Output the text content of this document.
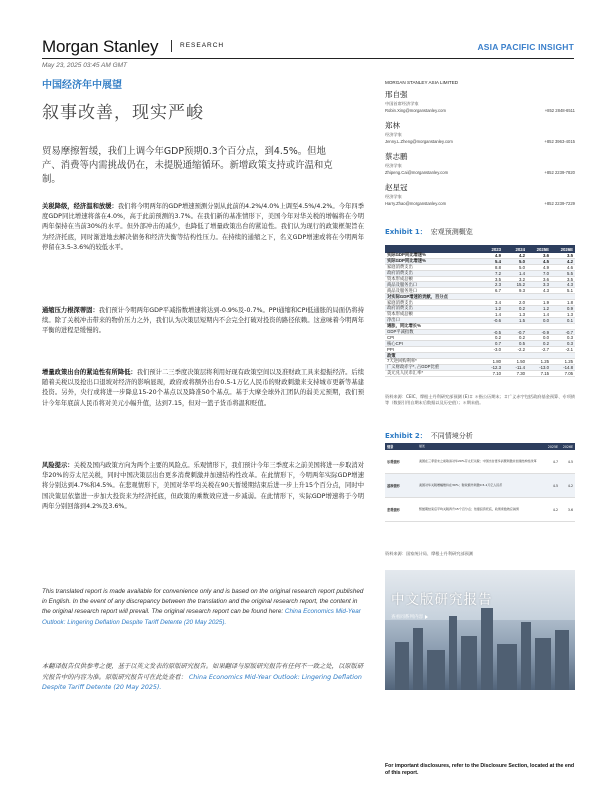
Morgan Stanley	RESEARCH	ASIA PACIFIC INSIGHT
May 23, 2025 03:45 AM GMT
中国经济年中展望
叙事改善，现实严峻
贸易摩擦暂缓，我们上调今年GDP预期0.3个百分点，到4.5%。但地产、消费等内需挑战仍在，未提脱通缩循环。新增政策支持或许温和克制。
关税降级，经济温和放缓：我们将今明两年的GDP增速预测分别从此前的4.2%/4.0%上调至4.5%/4.2%。今年四季度GDP同比增速将落在4.0%，高于此前预测的3.7%。在我们新的基准情形下，美国今年对华关税的增幅将在今明两年保持在当前30%的水平。但外部冲击的减少，也降低了增量政策出台的紧迫性。我们认为现行的政策框架旨在为经济托底，同时渐进地去解决债务和经济失衡等结构性压力。在持续的通缩之下，名义GDP增速或将在今明两年停留在3.5-3.6%的较低水平。
通缩压力根深蒂固：我们预计今明两年GDP平减指数增速将达到-0.9%及-0.7%。PPI通缩和CPI低通胀的局面仍将持续。除了关税冲击带来的物价压力之外，我们认为决策层短期内不会完全打破对投资的路径依赖。这意味着今明两年平衡的进程是缓慢的。
增量政策出台的紧迫性有所降低：我们预计二三季度决策层将利用好现有政策空间以及准财政工具来提振经济。后续随着关税以及抢出口退坡对经济的影响显现，政府或将额外出台0.5-1万亿人民币的财政刺激来支持城市更新等基建投资。另外，央行或将进一步降息15-20个基点以及降准50个基点。基于大摩全球外汇团队的弱美元预期，我们预计今年年底前人民币将对美元小幅升值，达到7.15，但对一篮子货币将温和贬值。
风险提示：关税及国内政策方向为两个主要的风险点。乐观情形下，我们预计今年三季度末之前美国将进一步取消对华20%的芬太尼关税，同时中国决策层出台更多消费刺激并加速结构性改革。在此情形下，今明两年实际GDP增速将分别达到4.7%和4.5%。在悲观情形下，美国对华平均关税在90天暂缓期结束后进一步上升15个百分点，同时中国决策层依靠进一步加大投资来为经济托底，但政策的乘数效应进一步减弱。在此情形下，实际GDP增速将于今明两年分别回落到4.2%及3.6%。
This translated report is made available for convenience only and is based on the original research report published in English. In the event of any discrepancy between the translation and the original research report, the content in the original research report will prevail. The original research report can be found here: China Economics Mid-Year Outlook: Lingering Deflation Despite Tariff Detente (20 May 2025).
本翻译报告仅供参考之便，基于以英文发表的原版研究报告。如果翻译与原版研究报告有任何不一致之处，以原版研究报告中的内容为准。原版研究报告可在此处查看： China Economics Mid-Year Outlook: Lingering Deflation Despite Tariff Detente (20 May 2025).
MORGAN STANLEY ASIA LIMITED
邢自强
中国首席经济学家
Robin.Xing@morganstanley.com	+852 2848-6511
郑林
经济学家
Jenny.L.Zheng@morganstanley.com	+852 3963-4015
蔡志鹏
经济学家
Zhipeng.Cai@morganstanley.com	+852 2239-7820
赵星冠
经济学家
Harry.Zhao@morganstanley.com	+852 2239-7229
Exhibit 1： 宏观预测概览
2023	2024	2025E	2026E
实际GDP同比增速%	4.9	4.2	3.6	3.5
实际GDP同比增速%	5.4	5.0	4.5	4.2
家庭消费支出	8.8	5.0	4.9	4.6
政府消费支出	7.2	1.4	7.0	5.5
资本形成总额	3.5	3.2	3.6	3.5
商品及服务出口	2.3	15.2	3.3	4.3
商品及服务进口	6.7	9.3	4.3	5.1
对实际GDP增速的贡献，百分点
家庭消费支出	3.4	2.0	1.9	1.8
政府消费支出	1.2	0.2	1.2	0.9
资本形成总额	1.4	1.3	1.4	1.3
净出口	-0.6	1.5	0.0	0.1
通胀，同比增长%
GDP平减指数	-0.5	-0.7	-0.9	-0.7
CPI	0.2	0.2	0.0	0.3
核心CPI	0.7	0.5	0.2	0.3
PPI	-3.0	-2.2	-2.7	-2.1
政策
7天逆回购利率*	1.80	1.50	1.25	1.25
广义财政赤字*, 占GDP比重	-12.3	-11.4	-13.0	-14.8
美元兑人民币汇率*	7.10	7.30	7.15	7.05
资料来源：CEIC、摩根士丹利研究部预测 (E)＃ ＊指公历期末；＃广义赤字包括政府基金预算、专项债等（数据引用自期末后数据以及历史值）；＊期末值。
Exhibit 2： 不同情境分析
情景	描述	2025E	2026E
乐观情形	美国在三季度末之前取消对华20%芬太尼关税；中国出台更多消费刺激并加速结构性改革	4.7	4.5
基准情形	美国对华关税增幅维持在30%；财政额外刺激0.5-1万亿人民币	4.5	4.2
悲观情形	暂缓期结束后平均关税再升15个百分点；依靠投资托底，政策乘数效应减弱	4.2	3.6
资料来源：国家统计局、摩根士丹利研究部预测
中文版研究报告
查看同系列内容
For important disclosures, refer to the Disclosure Section, located at the end of this report.
